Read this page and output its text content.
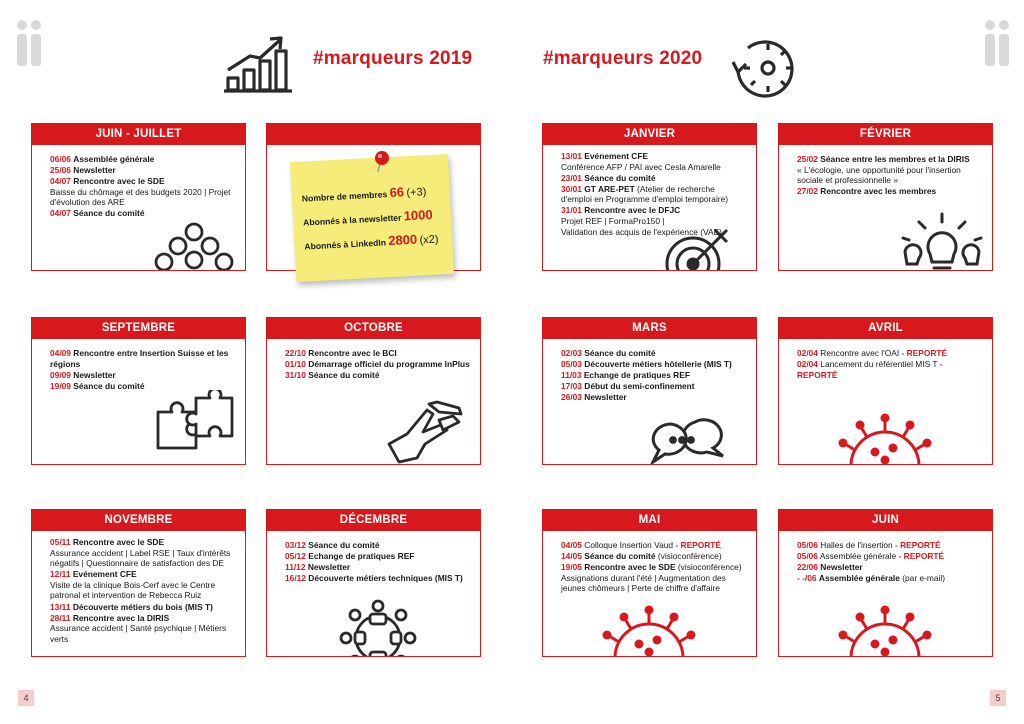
#marqueurs 2019	#marqueurs 2020
JUIN - JUILLET
06/06 Assemblée générale
25/06 Newsletter
04/07 Rencontre avec le SDE
Baisse du chômage et des budgets 2020 | Projet d'évolution des ARE
04/07 Séance du comité
Nombre de membres 66 (+3)
Abonnés à la newsletter 1000
Abonnés à LinkedIn 2800 (x2)
SEPTEMBRE
04/09 Rencontre entre Insertion Suisse et les régions
09/09 Newsletter
19/09 Séance du comité
OCTOBRE
22/10 Rencontre avec le BCI
01/10 Démarrage officiel du programme InPlus
31/10 Séance du comité
NOVEMBRE
05/11 Rencontre avec le SDE
Assurance accident | Label RSE | Taux d'intérêts négatifs | Questionnaire de satisfaction des DE
12/11 Evénement CFE
Visite de la clinique Bois-Cerf avec le Centre patronal et intervention de Rebecca Ruiz
13/11 Découverte métiers du bois (MIS T)
28/11 Rencontre avec la DIRIS
Assurance accident | Santé psychique | Métiers verts
DÉCEMBRE
03/12 Séance du comité
05/12 Echange de pratiques REF
11/12 Newsletter
16/12 Découverte métiers techniques (MIS T)
JANVIER
13/01 Evénement CFE
Conférence AFP / PAI avec Cesla Amarelle
23/01 Séance du comité
30/01 GT ARE-PET (Atelier de recherche d'emploi en Programme d'emploi temporaire)
31/01 Rencontre avec le DFJC
Projet REF | FormaPro150 |
Validation des acquis de l'expérience (VAE)
FÉVRIER
25/02 Séance entre les membres et la DIRIS
« L'écologie, une opportunité pour l'insertion sociale et professionnelle »
27/02 Rencontre avec les membres
MARS
02/03 Séance du comité
05/03 Découverte métiers hôtellerie (MIS T)
11/03 Echange de pratiques REF
17/03 Début du semi-confinement
26/03 Newsletter
AVRIL
02/04 Rencontre avec l'OAI - REPORTÉ
02/04 Lancement du référentiel MIS T - REPORTÉ
MAI
04/05 Colloque Insertion Vaud - REPORTÉ
14/05 Séance du comité (visioconférence)
19/05 Rencontre avec le SDE (visioconférence)
Assignations durant l'été | Augmentation des jeunes chômeurs | Perte de chiffre d'affaire
JUIN
05/06 Halles de l'insertion - REPORTÉ
05/06 Assemblée générale - REPORTÉ
22/06 Newsletter
- -/06 Assemblée générale (par e-mail)
4	5
